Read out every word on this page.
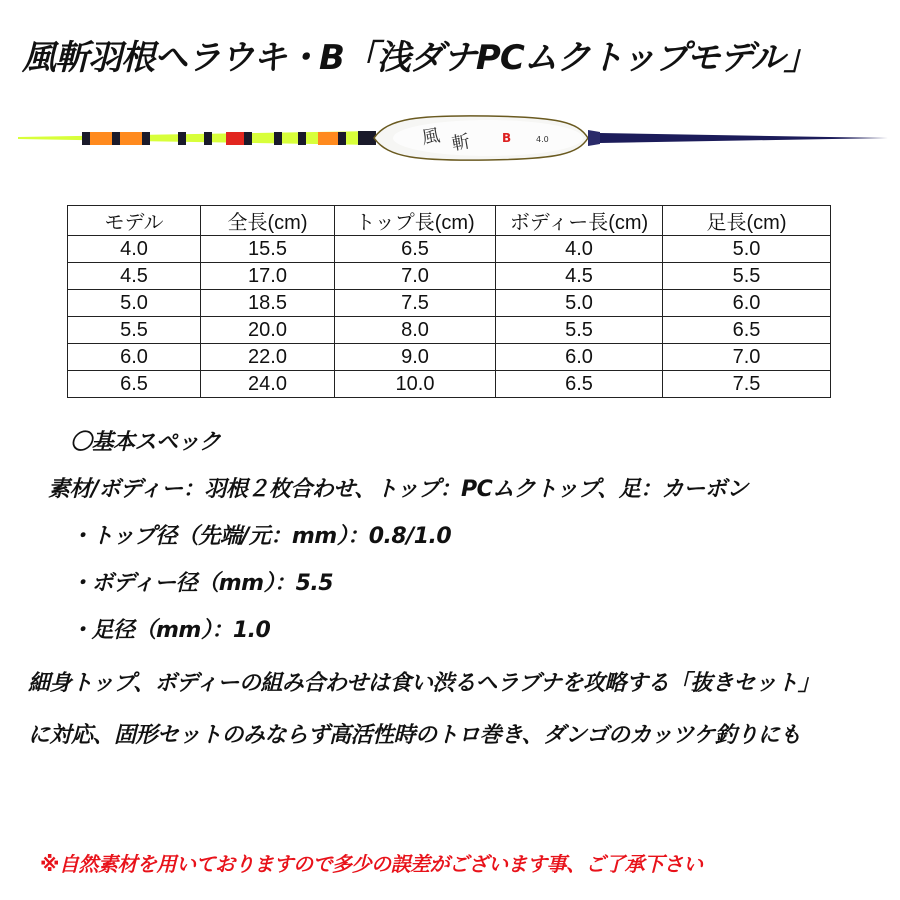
風斬羽根ヘラウキ・B「浅ダナPCムクトップモデル」
風 斬	B	4.0
モデル	全長(cm)	トップ長(cm)	ボディー長(cm)	足長(cm)
4.0	15.5	6.5	4.0	5.0
4.5	17.0	7.0	4.5	5.5
5.0	18.5	7.5	5.0	6.0
5.5	20.0	8.0	5.5	6.5
6.0	22.0	9.0	6.0	7.0
6.5	24.0	10.0	6.5	7.5
〇基本スペック
素材/ボディー：羽根２枚合わせ、トップ：PCムクトップ、足：カーボン
・トップ径（先端/元：mm）：0.8/1.0
・ボディー径（mm）：5.5
・足径（mm）：1.0
細身トップ、ボディーの組み合わせは食い渋るヘラブナを攻略する「抜きセット」
に対応、固形セットのみならず高活性時のトロ巻き、ダンゴのカッツケ釣りにも
※自然素材を用いておりますので多少の誤差がございます事、ご了承下さい
